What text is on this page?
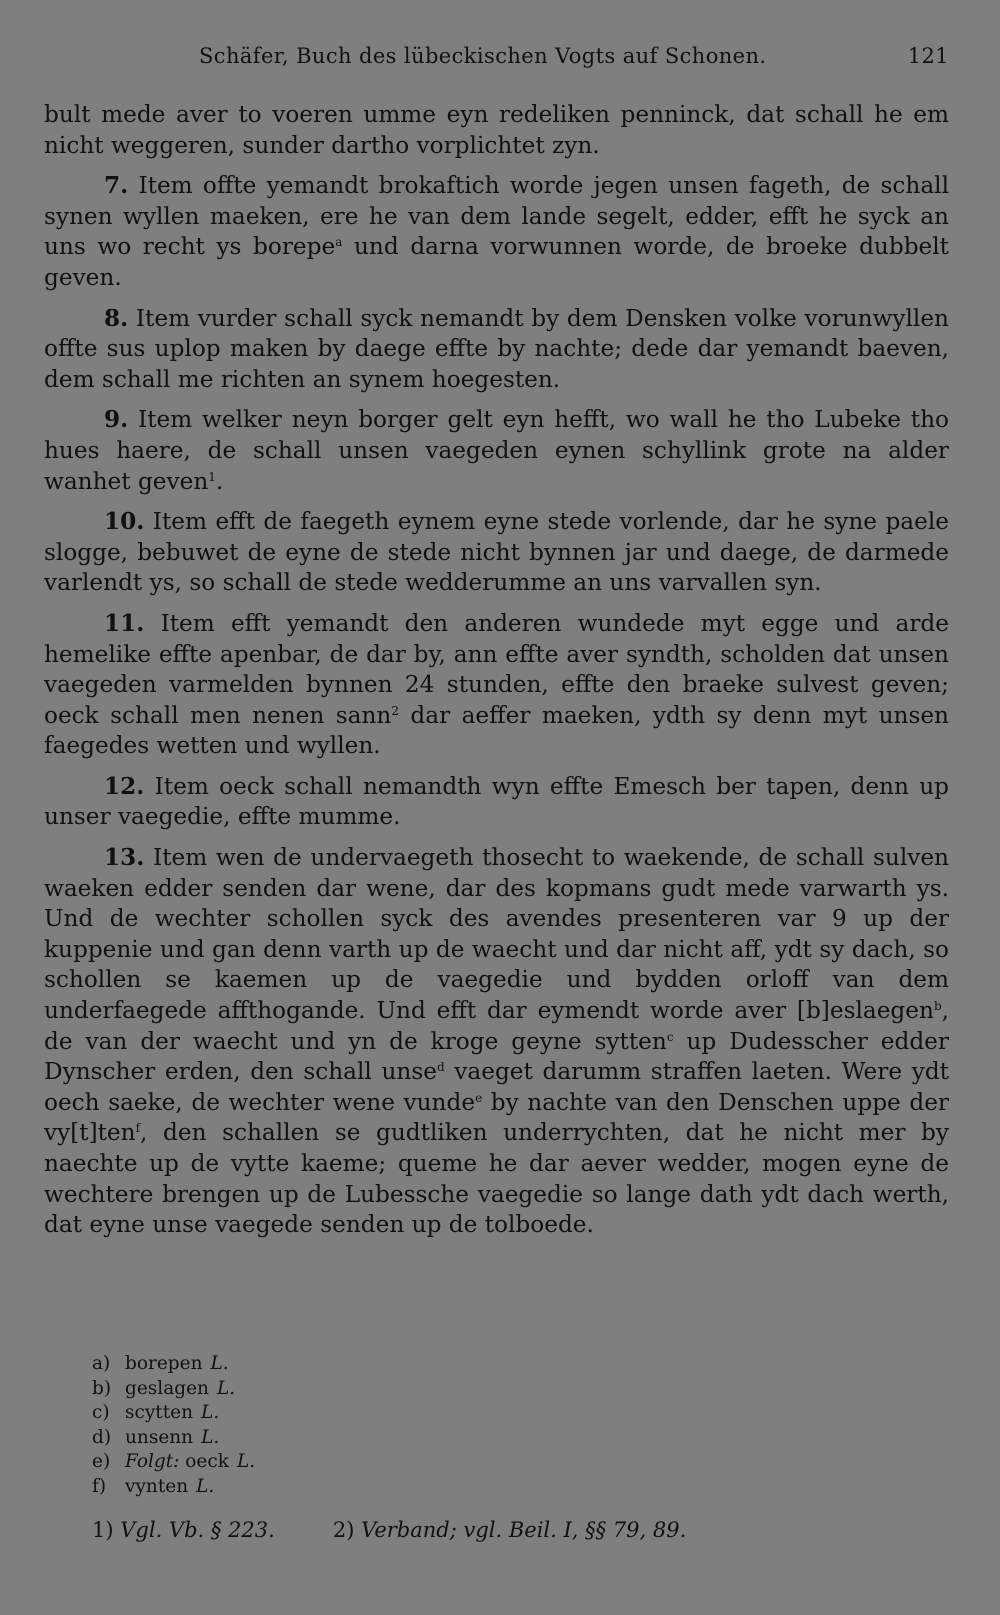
Schäfer, Buch des lübeckischen Vogts auf Schonen.	121

bult mede aver to voeren umme eyn redeliken penninck, dat schall he em nicht weggeren, sunder dartho vorplichtet zyn.

7. Item offte yemandt brokaftich worde jegen unsen fageth, de schall synen wyllen maeken, ere he van dem lande segelt, edder, efft he syck an uns wo recht ys borepe$^a$ und darna vorwunnen worde, de broeke dubbelt geven.

8. Item vurder schall syck nemandt by dem Densken volke vorunwyllen offte sus uplop maken by daege effte by nachte; dede dar yemandt baeven, dem schall me richten an synem hoegesten.

9. Item welker neyn borger gelt eyn hefft, wo wall he tho Lubeke tho hues haere, de schall unsen vaegeden eynen schyllink grote na alder wanhet geven$^1$.

10. Item efft de faegeth eynem eyne stede vorlende, dar he syne paele slogge, bebuwet de eyne de stede nicht bynnen jar und daege, de darmede varlendt ys, so schall de stede wedderumme an uns varvallen syn.

11. Item efft yemandt den anderen wundede myt egge und arde hemelike effte apenbar, de dar by, ann effte aver syndth, scholden dat unsen vaegeden varmelden bynnen 24 stunden, effte den braeke sulvest geven; oeck schall men nenen sann$^2$ dar aeffer maeken, ydth sy denn myt unsen faegedes wetten und wyllen.

12. Item oeck schall nemandth wyn effte Emesch ber tapen, denn up unser vaegedie, effte mumme.

13. Item wen de undervaegeth thosecht to waekende, de schall sulven waeken edder senden dar wene, dar des kopmans gudt mede varwarth ys. Und de wechter schollen syck des avendes presenteren var 9 up der kuppenie und gan denn varth up de waecht und dar nicht aff, ydt sy dach, so schollen se kaemen up de vaegedie und bydden orloff van dem underfaegede affthogande. Und efft dar eymendt worde aver [b]eslaegen$^b$, de van der waecht und yn de kroge geyne sytten$^c$ up Dudesscher edder Dynscher erden, den schall unse$^d$ vaeget darumm straffen laeten. Were ydt oech saeke, de wechter wene vunde$^e$ by nachte van den Denschen uppe der vy[t]ten$^f$, den schallen se gudtliken underrychten, dat he nicht mer by naechte up de vytte kaeme; queme he dar aever wedder, mogen eyne de wechtere brengen up de Lubessche vaegedie so lange dath ydt dach werth, dat eyne unse vaegede senden up de tolboede.

a) borepen L.
b) geslagen L.
c) scytten L.
d) unsenn L.
e) Folgt:
oeck L.
f)	vynten L.
1) Vgl. Vb. § 223.	2) Verband; vgl. Beil. I, §§ 79, 89.
